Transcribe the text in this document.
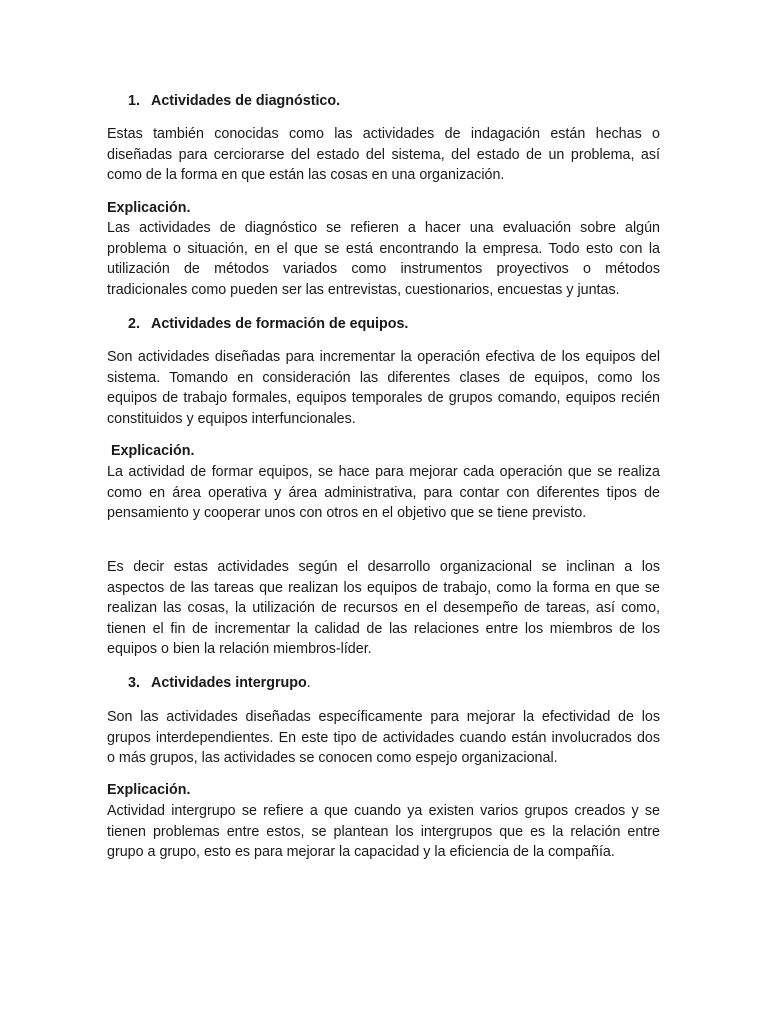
1. Actividades de diagnóstico.

Estas también conocidas como las actividades de indagación están hechas o diseñadas para cerciorarse del estado del sistema, del estado de un problema, así como de la forma en que están las cosas en una organización.

Explicación.

Las actividades de diagnóstico se refieren a hacer una evaluación sobre algún problema o situación, en el que se está encontrando la empresa. Todo esto con la utilización de métodos variados como instrumentos proyectivos o métodos tradicionales como pueden ser las entrevistas, cuestionarios, encuestas y juntas.

2. Actividades de formación de equipos.

Son actividades diseñadas para incrementar la operación efectiva de los equipos del sistema. Tomando en consideración las diferentes clases de equipos, como los equipos de trabajo formales, equipos temporales de grupos comando, equipos recién constituidos y equipos interfuncionales.

Explicación.

La actividad de formar equipos, se hace para mejorar cada operación que se realiza como en área operativa y área administrativa, para contar con diferentes tipos de pensamiento y cooperar unos con otros en el objetivo que se tiene previsto.

Es decir estas actividades según el desarrollo organizacional se inclinan a los aspectos de las tareas que realizan los equipos de trabajo, como la forma en que se realizan las cosas, la utilización de recursos en el desempeño de tareas, así como, tienen el fin de incrementar la calidad de las relaciones entre los miembros de los equipos o bien la relación miembros-líder.

3. Actividades intergrupo.

Son las actividades diseñadas específicamente para mejorar la efectividad de los grupos interdependientes. En este tipo de actividades cuando están involucrados dos o más grupos, las actividades se conocen como espejo organizacional.

Explicación.

Actividad intergrupo se refiere a que cuando ya existen varios grupos creados y se tienen problemas entre estos, se plantean los intergrupos que es la relación entre grupo a grupo, esto es para mejorar la capacidad y la eficiencia de la compañía.
